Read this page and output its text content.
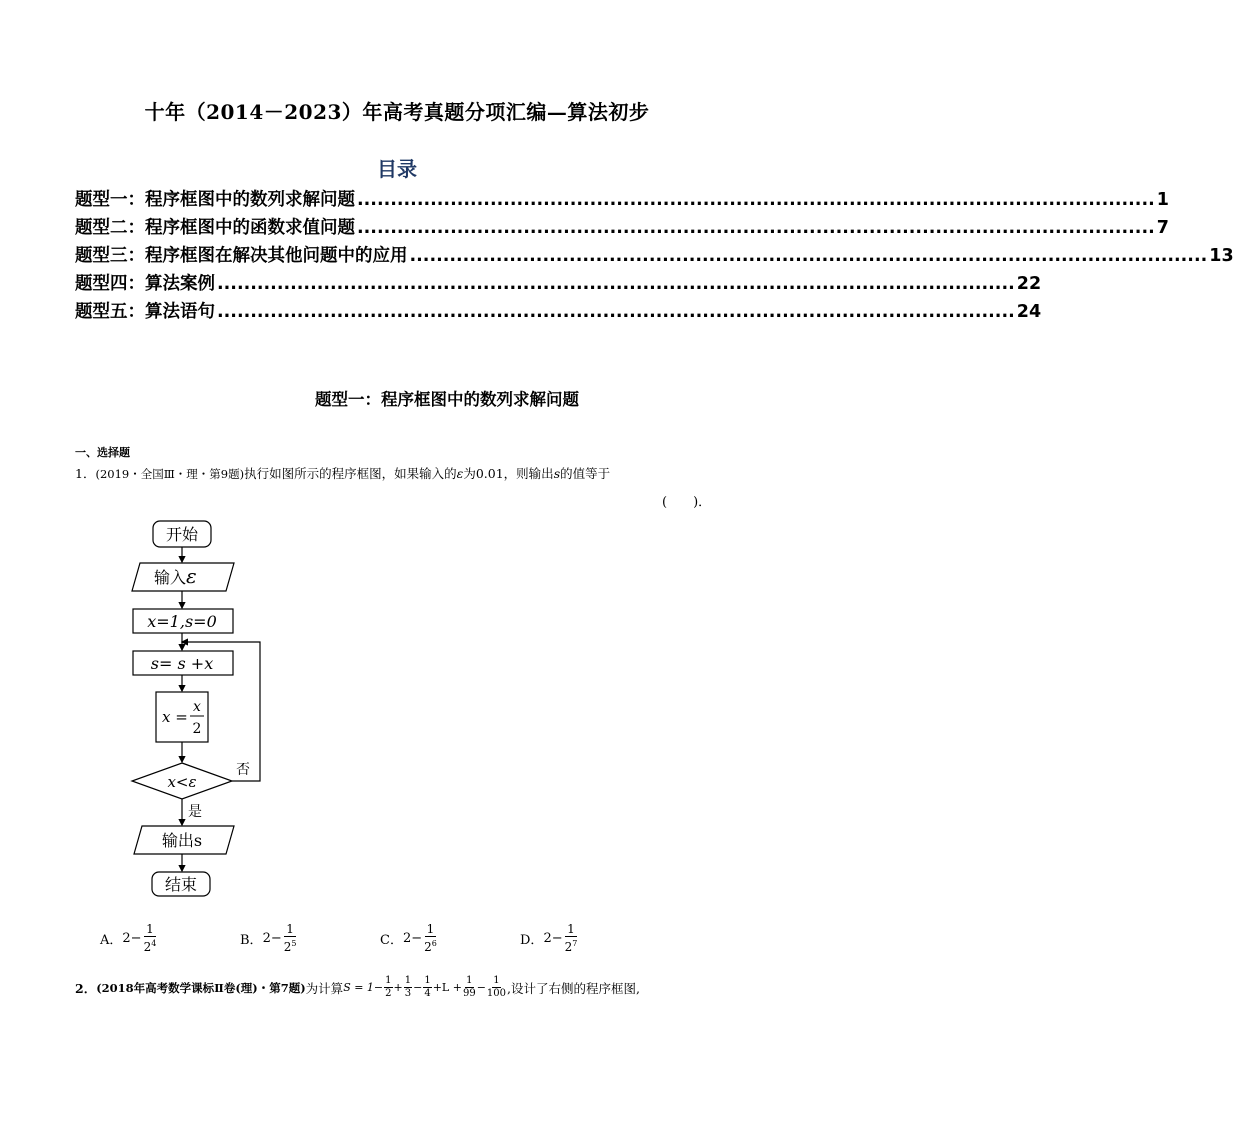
十年（2014－2023）年高考真题分项汇编—算法初步
目录
题型一：程序框图中的数列求解问题 ........................................................................................................................ 1
题型二：程序框图中的函数求值问题 ........................................................................................................................ 7
题型三：程序框图在解决其他问题中的应用 ........................................................................................................................ 13
题型四：算法案例 ........................................................................................................................ 22
题型五：算法语句 ........................................................................................................................ 24
题型一：程序框图中的数列求解问题
一、选择题
1．(2019・全国Ⅲ・理・第9题)执行如图所示的程序框图，如果输入的ε为0.01，则输出s的值等于
(　　)．
开始
输入ε
x=1,s=0
s= s +x
x =
x
2
x<ε
否
是
输出s
结束
A． $2- \frac{1}{2^4}$	B． $2- \frac{1}{2^5}$	C． $2- \frac{1}{2^6}$	D． $2- \frac{1}{2^7}$
2． (2018年高考数学课标Ⅱ卷(理)・第7题) 为计算 $S = 1- \frac{1}{2} + \frac{1}{3} - \frac{1}{4} +L + \frac{1}{99} - \frac{1}{100}$ ,设计了右侧的程序框图,
